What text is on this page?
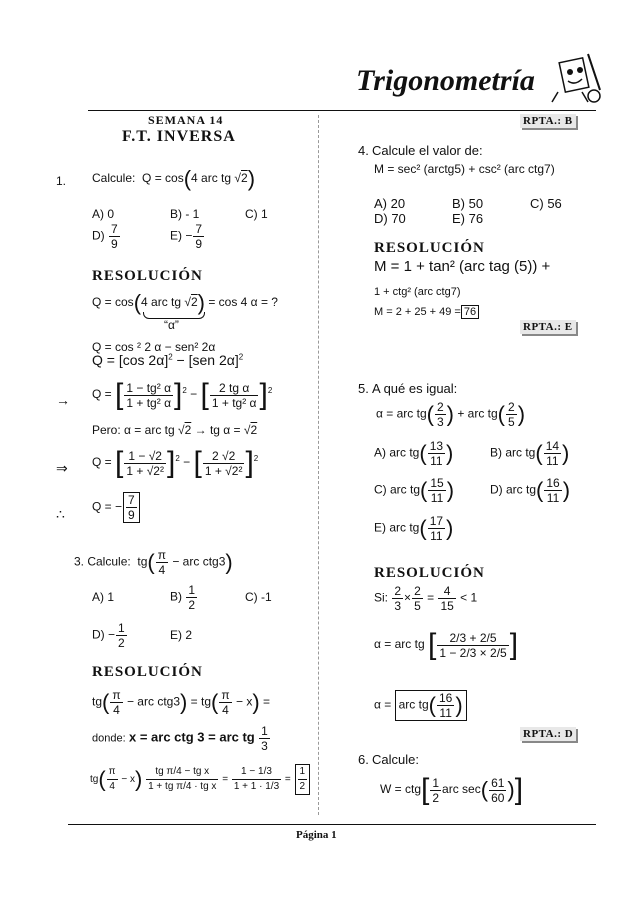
Trigonometría
SEMANA 14
F.T. INVERSA
1. Calcule: Q = cos(4 arc tg √2)
A) 0	B) - 1	C) 1
$D) \frac{7}{9}$	$E) - \frac{7}{9}$
RESOLUCIÓN
Q = cos(4 arc tg √2) = cos 4 α = ?
“α”
Q = cos ² 2 α − sen² 2α
Q = [cos 2α]$^2$ − [sen 2α]$^2$
→ Q = [ $\frac{\text{1 − tg² α}}{\text{1 + tg² α}} ]^2$ − [ $\frac{\text{2 tg α}}{\text{1 + tg² α}} ]^2$
Pero: α = arc tg √2 → tg α = √2
⇒ Q = [ $\frac{1 - √2}{\text{1 + √2²}} ]^2$ − [ $\frac{2 √2}{\text{1 + √2²}} ]^2$
∴ Q = − $\frac{7}{9}$
3. Calcule: $tg( \frac{\pi}{4}$ − arc ctg3)
A) 1	$B) \frac{1}{2}$	C) -1
$D) - \frac{1}{2}$	E) 2
RESOLUCIÓN
$tg( \frac{\pi}{4}$ − arc $ctg3) = tg( \frac{\pi}{4} - x)$ =
donde: x = arc ctg 3 = arc tg $\frac{1}{3}$
$tg( \frac{\pi}{4} - x) \frac{\text{tg π/4 − tg x}}{\text{1 + tg π/4 · tg x}} = \frac{1 - 1/3}{1 + 1 \cdot 1/3} = \frac{1}{2}$
RPTA.: B
4. Calcule el valor de:
M = sec² (arctg5) + csc² (arc ctg7)
A) 20	B) 50	C) 56
D) 70	E) 76
RESOLUCIÓN
M = 1 + tan² (arc tag (5)) +
1 + ctg² (arc ctg7)
M = 2 + 25 + 49 = 76
RPTA.: E
5. A qué es igual:
α = arc $tg( \frac{2}{3}$ ) + arc $tg( \frac{2}{5}$ )
A) arc $tg( \frac{13}{11}$ )	B) arc $tg( \frac{14}{11}$ )
C) arc $tg( \frac{15}{11}$ )	D) arc $tg( \frac{16}{11}$ )
E) arc $tg( \frac{17}{11}$ )
RESOLUCIÓN
Si: $\frac{2}{3} \times \frac{2}{5} = \frac{4}{15} < 1$
α = arc tg [ $\frac{2/3 + 2/5}{1 - 2/3 \times 2/5}$ ]
α = arc $tg( \frac{16}{11}$ )
RPTA.: D
6. Calcule:
$W = ctg[ \frac{1}{2}$ arc $\sec( \frac{61}{60}$ )]
Página 1
